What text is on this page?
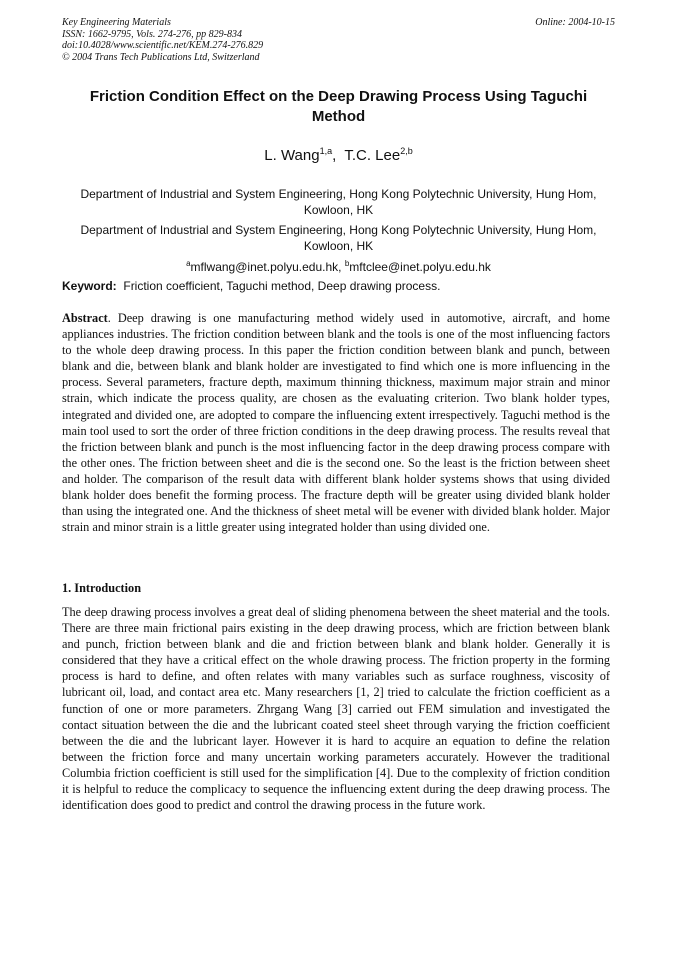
Key Engineering Materials
ISSN: 1662-9795, Vols. 274-276, pp 829-834
doi:10.4028/www.scientific.net/KEM.274-276.829
© 2004 Trans Tech Publications Ltd, Switzerland
Online: 2004-10-15
Friction Condition Effect on the Deep Drawing Process Using Taguchi Method
L. Wang$^{1,a}$, T.C. Lee$^{2,b}$
Department of Industrial and System Engineering, Hong Kong Polytechnic University, Hung Hom, Kowloon, HK
Department of Industrial and System Engineering, Hong Kong Polytechnic University, Hung Hom, Kowloon, HK
$^a$mflwang@inet.polyu.edu.hk, $^b$mftclee@inet.polyu.edu.hk
Keyword: Friction coefficient, Taguchi method, Deep drawing process.
Abstract. Deep drawing is one manufacturing method widely used in automotive, aircraft, and home appliances industries. The friction condition between blank and the tools is one of the most influencing factors to the whole deep drawing process. In this paper the friction condition between blank and punch, between blank and die, between blank and blank holder are investigated to find which one is more influencing in the process. Several parameters, fracture depth, maximum thinning thickness, maximum major strain and minor strain, which indicate the process quality, are chosen as the evaluating criterion. Two blank holder types, integrated and divided one, are adopted to compare the influencing extent irrespectively. Taguchi method is the main tool used to sort the order of three friction conditions in the deep drawing process. The results reveal that the friction between blank and punch is the most influencing factor in the deep drawing process compare with the other ones. The friction between sheet and die is the second one. So the least is the friction between sheet and holder. The comparison of the result data with different blank holder systems shows that using divided blank holder does benefit the forming process. The fracture depth will be greater using divided blank holder than using the integrated one. And the thickness of sheet metal will be evener with divided blank holder. Major strain and minor strain is a little greater using integrated holder than using divided one.
1. Introduction
The deep drawing process involves a great deal of sliding phenomena between the sheet material and the tools. There are three main frictional pairs existing in the deep drawing process, which are friction between blank and punch, friction between blank and die and friction between blank and blank holder. Generally it is considered that they have a critical effect on the whole drawing process. The friction property in the forming process is hard to define, and often relates with many variables such as surface roughness, viscosity of lubricant oil, load, and contact area etc. Many researchers [1, 2] tried to calculate the friction coefficient as a function of one or more parameters. Zhrgang Wang [3] carried out FEM simulation and investigated the contact situation between the die and the lubricant coated steel sheet through varying the friction coefficient between the die and the lubricant layer. However it is hard to acquire an equation to define the relation between the friction force and many uncertain working parameters accurately. However the traditional Columbia friction coefficient is still used for the simplification [4]. Due to the complexity of friction condition it is helpful to reduce the complicacy to sequence the influencing extent during the deep drawing process. The identification does good to predict and control the drawing process in the future work.
